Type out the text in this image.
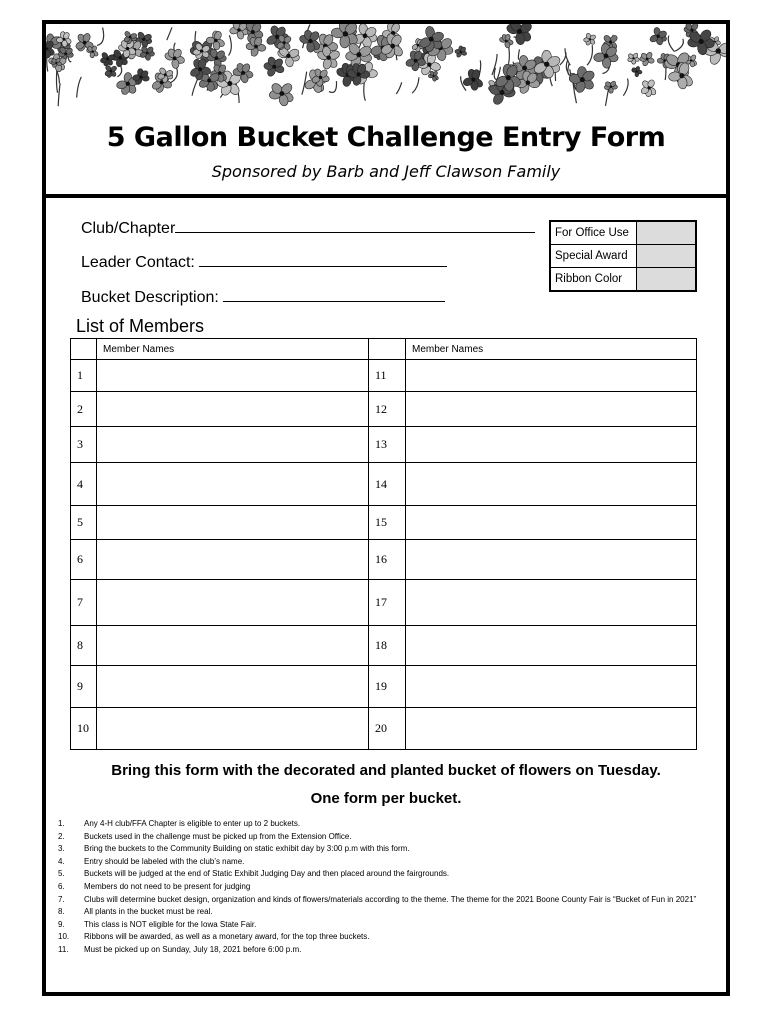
5 Gallon Bucket Challenge Entry Form
Sponsored by Barb and Jeff Clawson Family
Club/Chapter
Leader Contact:
Bucket Description:
For Office Use	
Special Award	
Ribbon Color	
List of Members
	Member Names		Member Names
1		11	
2		12	
3		13	
4		14	
5		15	
6		16	
7		17	
8		18	
9		19	
10		20	
Bring this form with the decorated and planted bucket of flowers on Tuesday.
One form per bucket.
1.	Any 4-H club/FFA Chapter is eligible to enter up to 2 buckets.
2.	Buckets used in the challenge must be picked up from the Extension Office.
3.	Bring the buckets to the Community Building on static exhibit day by 3:00 p.m with this form.
4.	Entry should be labeled with the club’s name.
5.	Buckets will be judged at the end of Static Exhibit Judging Day and then placed around the fairgrounds.
6.	Members do not need to be present for judging
7.	Clubs will determine bucket design, organization and kinds of flowers/materials according to the theme. The theme for the 2021 Boone County Fair is “Bucket of Fun in 2021”
8.	All plants in the bucket must be real.
9.	This class is NOT eligible for the Iowa State Fair.
10.	Ribbons will be awarded, as well as a monetary award, for the top three buckets.
11.	Must be picked up on Sunday, July 18, 2021 before 6:00 p.m.
